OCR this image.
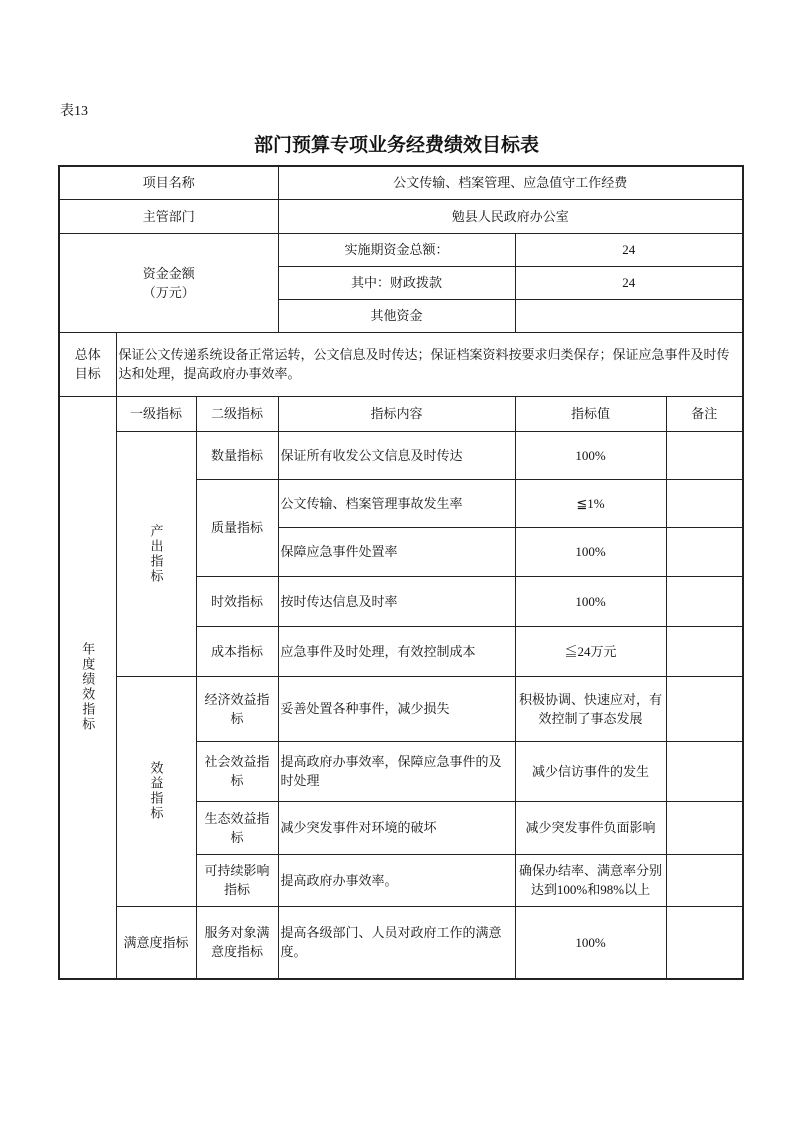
表13
部门预算专项业务经费绩效目标表
项目名称			公文传输、档案管理、应急值守工作经费		
主管部门			勉县人民政府办公室		

资金金额
（万元）			实施期资金总额：	24	
			其中：财政拨款	24	
			其他资金		

总体
目标	保证公文传递系统设备正常运转，公文信息及时传达；保证档案资料按要求归类保存；保证应急事件及时传达和处理，提高政府办事效率。				

年度绩效指标	一级指标	二级指标	指标内容	指标值	备注

	产出指标	数量指标	保证所有收发公文信息及时传达	100%	
		质量指标	公文传输、档案管理事故发生率	≦1%	
			保障应急事件处置率	100%	
		时效指标	按时传达信息及时率	100%	
		成本指标	应急事件及时处理，有效控制成本	≦24万元	

	效益指标	经济效益指标	妥善处置各种事件，减少损失	积极协调、快速应对，有效控制了事态发展	
		社会效益指标	提高政府办事效率，保障应急事件的及时处理	减少信访事件的发生	
		生态效益指标	减少突发事件对环境的破坏	减少突发事件负面影响	
		可持续影响指标	提高政府办事效率。	确保办结率、满意率分别达到100%和98%以上	
	满意度指标	服务对象满意度指标	提高各级部门、人员对政府工作的满意度。	100%	
